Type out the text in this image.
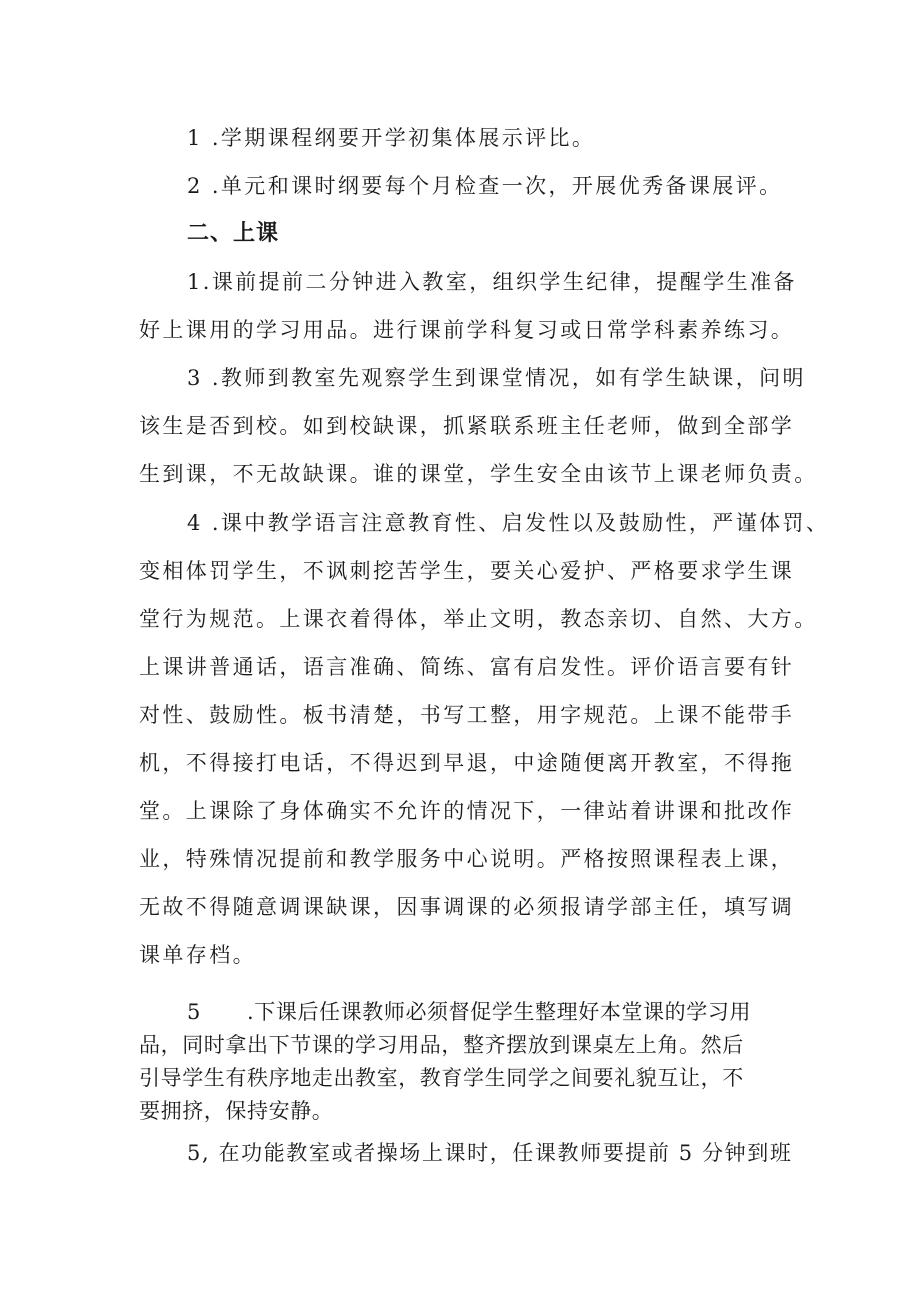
1 .学期课程纲要开学初集体展示评比。
2 .单元和课时纲要每个月检查一次，开展优秀备课展评。
二、上课
1.课前提前二分钟进入教室，组织学生纪律，提醒学生准备
好上课用的学习用品。进行课前学科复习或日常学科素养练习。
3 .教师到教室先观察学生到课堂情况，如有学生缺课，问明
该生是否到校。如到校缺课，抓紧联系班主任老师，做到全部学
生到课，不无故缺课。谁的课堂，学生安全由该节上课老师负责。
4 .课中教学语言注意教育性、启发性以及鼓励性，严谨体罚、
变相体罚学生，不讽刺挖苦学生，要关心爱护、严格要求学生课
堂行为规范。上课衣着得体，举止文明，教态亲切、自然、大方。
上课讲普通话，语言准确、简练、富有启发性。评价语言要有针
对性、鼓励性。板书清楚，书写工整，用字规范。上课不能带手
机，不得接打电话，不得迟到早退，中途随便离开教室，不得拖
堂。上课除了身体确实不允许的情况下，一律站着讲课和批改作
业，特殊情况提前和教学服务中心说明。严格按照课程表上课，
无故不得随意调课缺课，因事调课的必须报请学部主任，填写调
课单存档。
5 .下课后任课教师必须督促学生整理好本堂课的学习用
品，同时拿出下节课的学习用品，整齐摆放到课桌左上角。然后
引导学生有秩序地走出教室，教育学生同学之间要礼貌互让，不
要拥挤，保持安静。
5, 在功能教室或者操场上课时，任课教师要提前 5 分钟到班
